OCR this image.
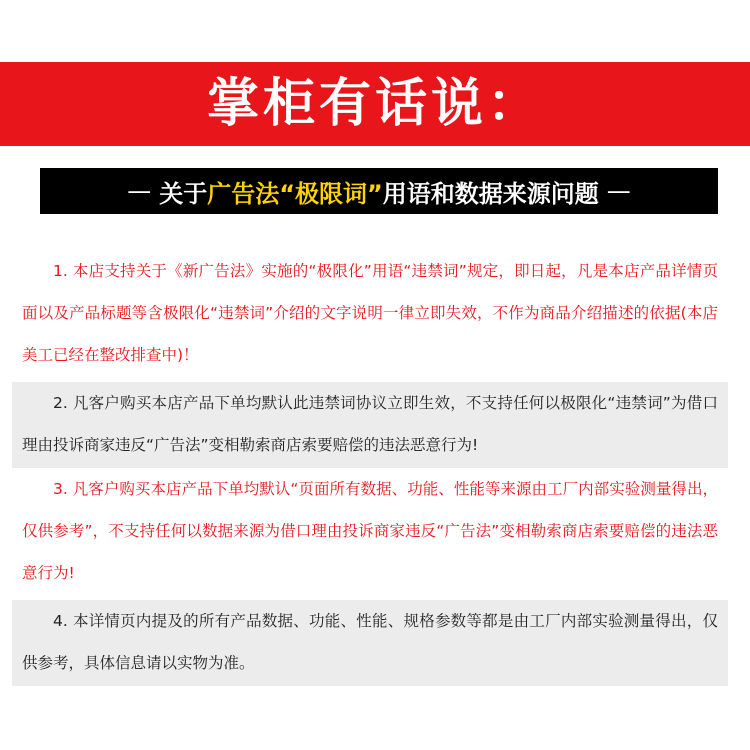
掌柜有话说：
— 关于 广告法“极限词” 用语和数据来源问题 —

1. 本店支持关于《新广告法》实施的“极限化”用语“违禁词”规定，即日起，凡是本店产品详情页面以及产品标题等含极限化“违禁词”介绍的文字说明一律立即失效，不作为商品介绍描述的依据(本店美工已经在整改排查中)！

2. 凡客户购买本店产品下单均默认此违禁词协议立即生效，不支持任何以极限化“违禁词”为借口理由投诉商家违反“广告法”变相勒索商店索要赔偿的违法恶意行为!

3. 凡客户购买本店产品下单均默认“页面所有数据、功能、性能等来源由工厂内部实验测量得出，仅供参考”，不支持任何以数据来源为借口理由投诉商家违反“广告法”变相勒索商店索要赔偿的违法恶意行为!

4. 本详情页内提及的所有产品数据、功能、性能、规格参数等都是由工厂内部实验测量得出，仅供参考，具体信息请以实物为准。
